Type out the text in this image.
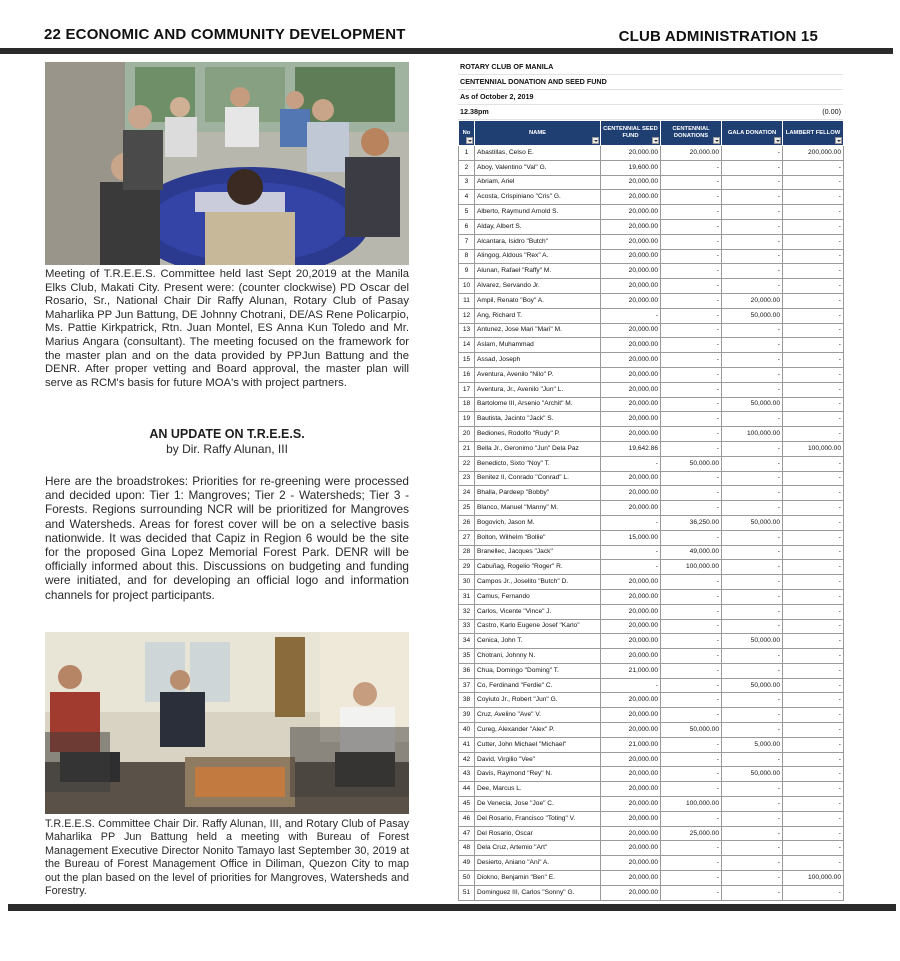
22 ECONOMIC AND COMMUNITY DEVELOPMENT	CLUB ADMINISTRATION 15
Meeting of T.R.E.E.S. Committee held last Sept 20,2019 at the Manila Elks Club, Makati City. Present were: (counter clockwise) PD Oscar del Rosario, Sr., National Chair Dir Raffy Alunan, Rotary Club of Pasay Maharlika PP Jun Battung, DE Johnny Chotrani, DE/AS Rene Policarpio, Ms. Pattie Kirkpatrick, Rtn. Juan Montel, ES Anna Kun Toledo and Mr. Marius Angara (consultant). The meeting focused on the framework for the master plan and on the data provided by PPJun Battung and the DENR. After proper vetting and Board approval, the master plan will serve as RCM's basis for future MOA's with project partners.
AN UPDATE ON T.R.E.E.S.
by Dir. Raffy Alunan, III
Here are the broadstrokes: Priorities for re-greening were processed and decided upon: Tier 1: Mangroves; Tier 2 - Watersheds; Tier 3 - Forests. Regions surrounding NCR will be prioritized for Mangroves and Watersheds. Areas for forest cover will be on a selective basis nationwide. It was decided that Capiz in Region 6 would be the site for the proposed Gina Lopez Memorial Forest Park. DENR will be officially informed about this. Discussions on budgeting and funding were initiated, and for developing an official logo and information channels for project participants.
T.R.E.E.S. Committee Chair Dir. Raffy Alunan, III, and Rotary Club of Pasay Maharlika PP Jun Battung held a meeting with Bureau of Forest Management Executive Director Nonito Tamayo last September 30, 2019 at the Bureau of Forest Management Office in Diliman, Quezon City to map out the plan based on the level of priorities for Mangroves, Watersheds and Forestry.
ROTARY CLUB OF MANILA
CENTENNIAL DONATION AND SEED FUND
As of October 2, 2019
12.38pm	(0.00)
No	NAME	CENTENNIAL SEED FUND	CENTENNIAL DONATIONS	GALA DONATION	LAMBERT FELLOW

1	Abastillas, Celso E.	20,000.00	20,000.00	-	200,000.00
2	Aboy, Valentino "Val" G.	19,600.00	-	-	-
3	Abriam, Ariel	20,000.00	-	-	-
4	Acosta, Crispiniano "Cris" G.	20,000.00	-	-	-
5	Alberto, Raymund Arnold S.	20,000.00	-	-	-
6	Alday, Albert S.	20,000.00	-	-	-
7	Alcantara, Isidro "Butch"	20,000.00	-	-	-
8	Alingog, Aldous "Rex" A.	20,000.00	-	-	-
9	Alunan, Rafael "Raffy" M.	20,000.00	-	-	-
10	Alvarez, Servando Jr.	20,000.00	-	-	-
11	Ampil, Renato "Boy" A.	20,000.00	-	20,000.00	-
12	Ang, Richard T.	-	-	50,000.00	-
13	Antunez, Jose Mari "Mari" M.	20,000.00	-	-	-
14	Aslam, Muhammad	20,000.00	-	-	-
15	Assad, Joseph	20,000.00	-	-	-
16	Aventura, Avenilo "Nilo" P.	20,000.00	-	-	-
17	Aventura, Jr., Avenilo "Jun" L.	20,000.00	-	-	-
18	Bartolome III, Arsenio "Archit" M.	20,000.00	-	50,000.00	-
19	Bautista, Jacinto "Jack" S.	20,000.00	-	-	-
20	Bediones, Rodolfo "Rudy" P.	20,000.00	-	100,000.00	-
21	Bella Jr., Geronimo "Jun" Dela Paz	19,642.86	-	-	100,000.00
22	Benedicto, Sixto "Noy" T.	-	50,000.00	-	-
23	Benitez II, Conrado "Conrad" L.	20,000.00	-	-	-
24	Bhalla, Pardeep "Bobby"	20,000.00	-	-	-
25	Blanco, Manuel "Manny" M.	20,000.00	-	-	-
26	Bogovich, Jason M.	-	36,250.00	50,000.00	-
27	Bolton, Wilhelm "Bollie"	15,000.00	-	-	-
28	Branellec, Jacques "Jack"	-	49,000.00	-	-
29	Cabuñag, Rogelio "Roger" R.	-	100,000.00	-	-
30	Campos Jr., Joselito "Butch" D.	20,000.00	-	-	-
31	Camus, Fernando	20,000.00	-	-	-
32	Carlos, Vicente "Vince" J.	20,000.00	-	-	-
33	Castro, Karlo Eugene Josef "Karlo"	20,000.00	-	-	-
34	Cenica, John T.	20,000.00	-	50,000.00	-
35	Chotrani, Johnny N.	20,000.00	-	-	-
36	Chua, Domingo "Doming" T.	21,000.00	-	-	-
37	Co, Ferdinand "Ferdie" C.	-	-	50,000.00	-
38	Coyiuto Jr., Robert "Jun" G.	20,000.00	-	-	-
39	Cruz, Avelino "Ave" V.	20,000.00	-	-	-
40	Cureg, Alexander "Alex" P.	20,000.00	50,000.00	-	-
41	Cutter, John Michael "Michael"	21,000.00	-	5,000.00	-
42	David, Virgilio "Vee"	20,000.00	-	-	-
43	Davis, Raymond "Rey" N.	20,000.00	-	50,000.00	-
44	Dee, Marcus L.	20,000.00	-	-	-
45	De Venecia, Jose "Joe" C.	20,000.00	100,000.00	-	-
46	Del Rosario, Francisco "Toting" V.	20,000.00	-	-	-
47	Del Rosario, Oscar	20,000.00	25,000.00	-	-
48	Dela Cruz, Artemio "Art"	20,000.00	-	-	-
49	Desierto, Aniano "Ani" A.	20,000.00	-	-	-
50	Diokno, Benjamin "Ben" E.	20,000.00	-	-	100,000.00
51	Dominguez III, Carlos "Sonny" G.	20,000.00	-	-	-
